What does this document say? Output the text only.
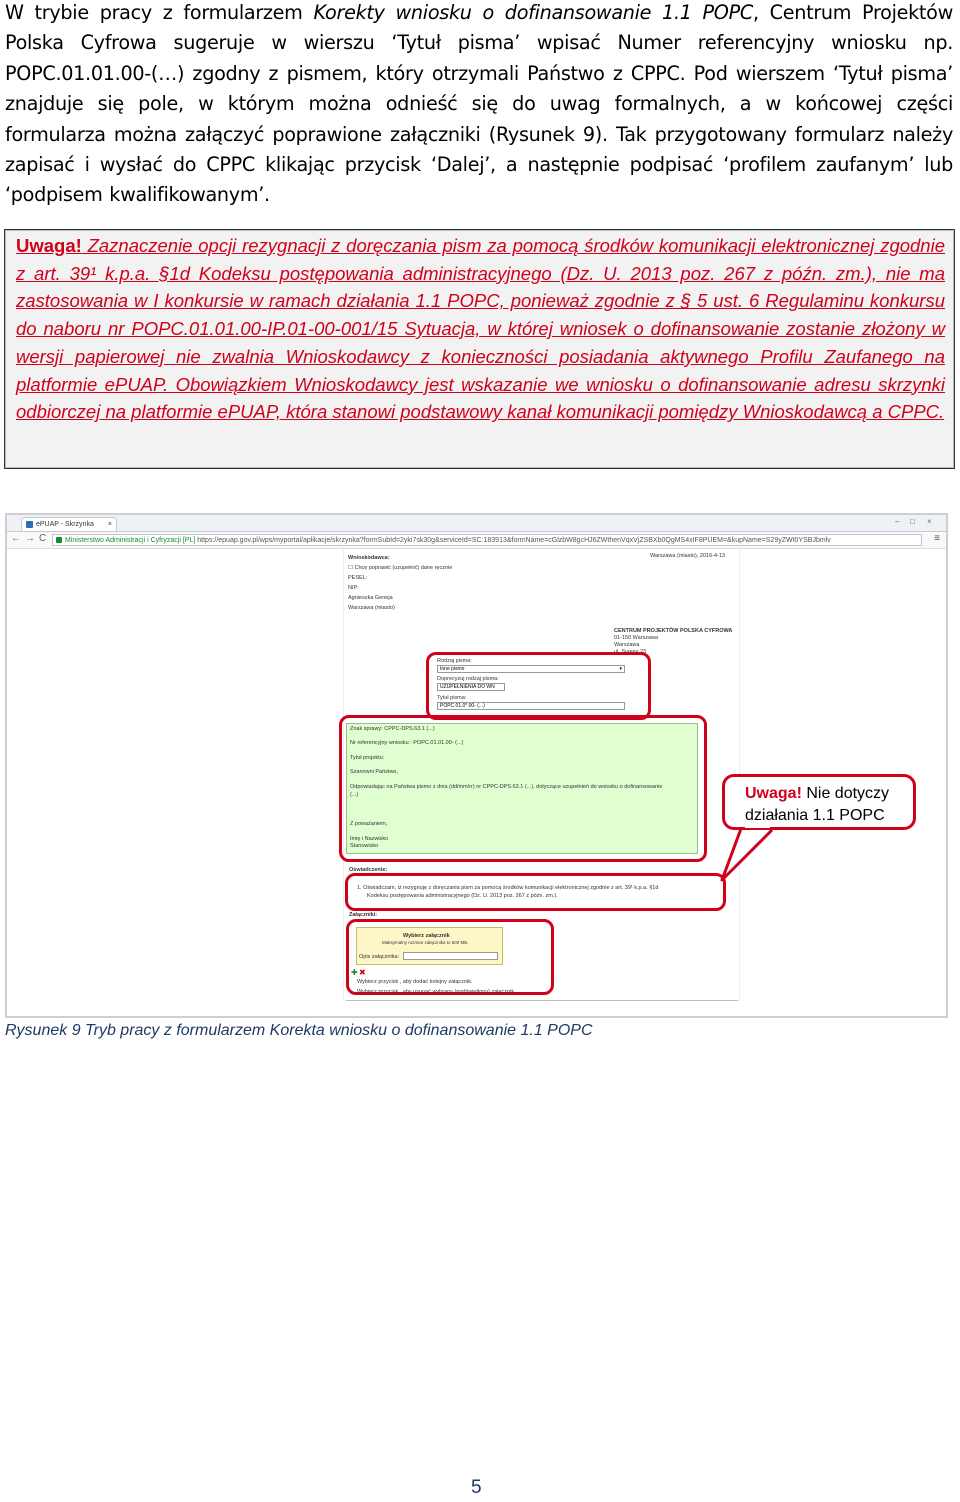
W trybie pracy z formularzem Korekty wniosku o dofinansowanie 1.1 POPC, Centrum Projektów Polska Cyfrowa sugeruje w wierszu ‘Tytuł pisma’ wpisać Numer referencyjny wniosku np. POPC.01.01.00-(…) zgodny z pismem, który otrzymali Państwo z CPPC. Pod wierszem ‘Tytuł pisma’ znajduje się pole, w którym można odnieść się do uwag formalnych, a w końcowej części formularza można załączyć poprawione załączniki (Rysunek 9). Tak przygotowany formularz należy zapisać i wysłać do CPPC klikając przycisk ‘Dalej’, a następnie podpisać ‘profilem zaufanym’ lub ‘podpisem kwalifikowanym’.
Uwaga! Zaznaczenie opcji rezygnacji z doręczania pism za pomocą środków komunikacji elektronicznej zgodnie z art. 39¹ k.p.a. §1d Kodeksu postępowania administracyjnego (Dz. U. 2013 poz. 267 z późn. zm.), nie ma zastosowania w I konkursie w ramach działania 1.1 POPC, ponieważ zgodnie z § 5 ust. 6 Regulaminu konkursu do naboru nr POPC.01.01.00-IP.01-00-001/15 Sytuacja, w której wniosek o dofinansowanie zostanie złożony w wersji papierowej nie zwalnia Wnioskodawcy z konieczności posiadania aktywnego Profilu Zaufanego na platformie ePUAP. Obowiązkiem Wnioskodawcy jest wskazanie we wniosku o dofinansowanie adresu skrzynki odbiorczej na platformie ePUAP, która stanowi podstawowy kanał komunikacji pomiędzy Wnioskodawcą a CPPC.
ePUAP - Skrzynka ×	– □ ×
← → C	Ministerstwo Administracji i Cyfryzacji [PL] https://epuap.gov.pl/wps/myportal/aplikacje/skrzynka?formSubId=2yki7sk30g&serviceId=SC:183913&formName=cGlzbW8gcHJ6ZWthenVqxVjZSBXb0QgMS4xIF8PUEM=&kupName=S29yZWt0YSBJbmlv	≡
Wnioskodawca:
☐ Chcę poprawić (uzupełnić) dane ręcznie
PESEL:
NIP:
Agnieszka Geneja
Warszawa (miasto)
Warszawa (miasto), 2016-4-13
CENTRUM PROJEKTÓW POLSKA CYFROWA
01-150 Warszawa
Warszawa
ul. Syreny 23
Rodzaj pisma:
Inne pismo	▾
Doprecyzuj rodzaj pisma:
UZUPEŁNIENIA DO WN
Tytuł pisma:
POPC.01.0*.00- (...)
Znak sprawy: CPPC-DPS.63.1 (...)
Nr referencyjny wniosku : POPC.01.01.00- (...)
Tytuł projektu:
Szanowni Państwo,
Odpowiadając na Państwa pismo z dnia (dd/mm/rr) nr CPPC-DPS.63.1 (...), dotyczące uzupełnień do wniosku o dofinansowanie
(...)
Z poważaniem,
Imię i Nazwisko
Stanowisko
Oświadczenie:
1. Oświadczam, iż rezygnuję z doręczania pism za pomocą środków komunikacji elektronicznej zgodnie z art. 39¹ k.p.a. §1d
Kodeksu postępowania administracyjnego (Dz. U. 2013 poz. 267 z późn. zm.).
Załączniki:
Wybierz załącznik
Maksymalny rozmiar załącznika to 500 MB.
Opis załącznika:
✚ ✖
Wybierz przycisk , aby dodać kolejny załącznik.
Wybierz przycisk , aby usunąć wybrany (podświetlony) załącznik.
Uwaga! Nie dotyczy
działania 1.1 POPC
Rysunek 9 Tryb pracy z formularzem Korekta wniosku o dofinansowanie 1.1 POPC
5
